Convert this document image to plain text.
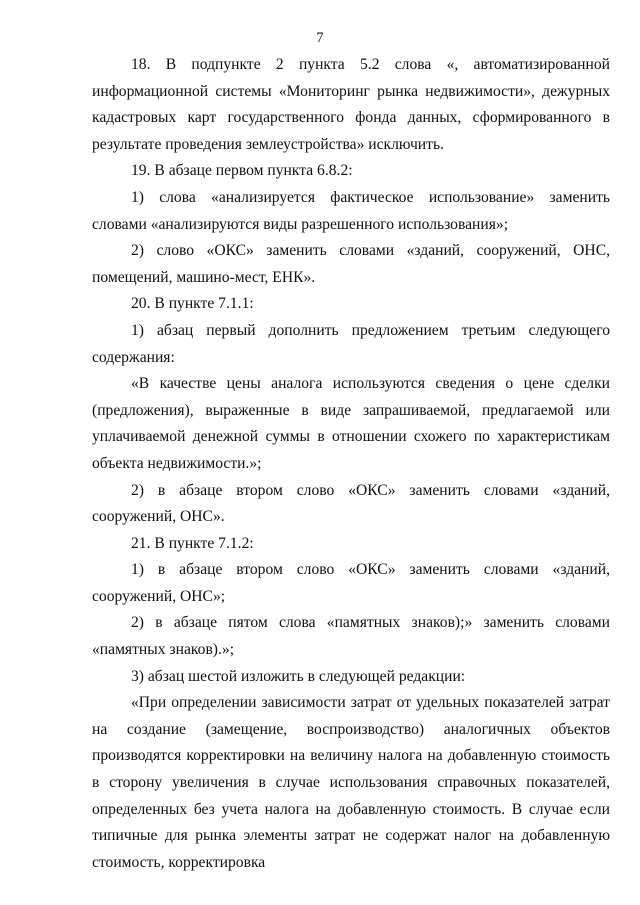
7

18. В подпункте 2 пункта 5.2 слова «, автоматизированной информационной системы «Мониторинг рынка недвижимости», дежурных кадастровых карт государственного фонда данных, сформированного в результате проведения землеустройства» исключить.

19. В абзаце первом пункта 6.8.2:

1) слова «анализируется фактическое использование» заменить словами «анализируются виды разрешенного использования»;

2) слово «ОКС» заменить словами «зданий, сооружений, ОНС, помещений, машино-мест, ЕНК».

20. В пункте 7.1.1:

1) абзац первый дополнить предложением третьим следующего содержания:

«В качестве цены аналога используются сведения о цене сделки (предложения), выраженные в виде запрашиваемой, предлагаемой или уплачиваемой денежной суммы в отношении схожего по характеристикам объекта недвижимости.»;

2) в абзаце втором слово «ОКС» заменить словами «зданий, сооружений, ОНС».

21. В пункте 7.1.2:

1) в абзаце втором слово «ОКС» заменить словами «зданий, сооружений, ОНС»;

2) в абзаце пятом слова «памятных знаков);» заменить словами «памятных знаков).»;

3) абзац шестой изложить в следующей редакции:

«При определении зависимости затрат от удельных показателей затрат на создание (замещение, воспроизводство) аналогичных объектов производятся корректировки на величину налога на добавленную стоимость в сторону увеличения в случае использования справочных показателей, определенных без учета налога на добавленную стоимость. В случае если типичные для рынка элементы затрат не содержат налог на добавленную стоимость, корректировка
